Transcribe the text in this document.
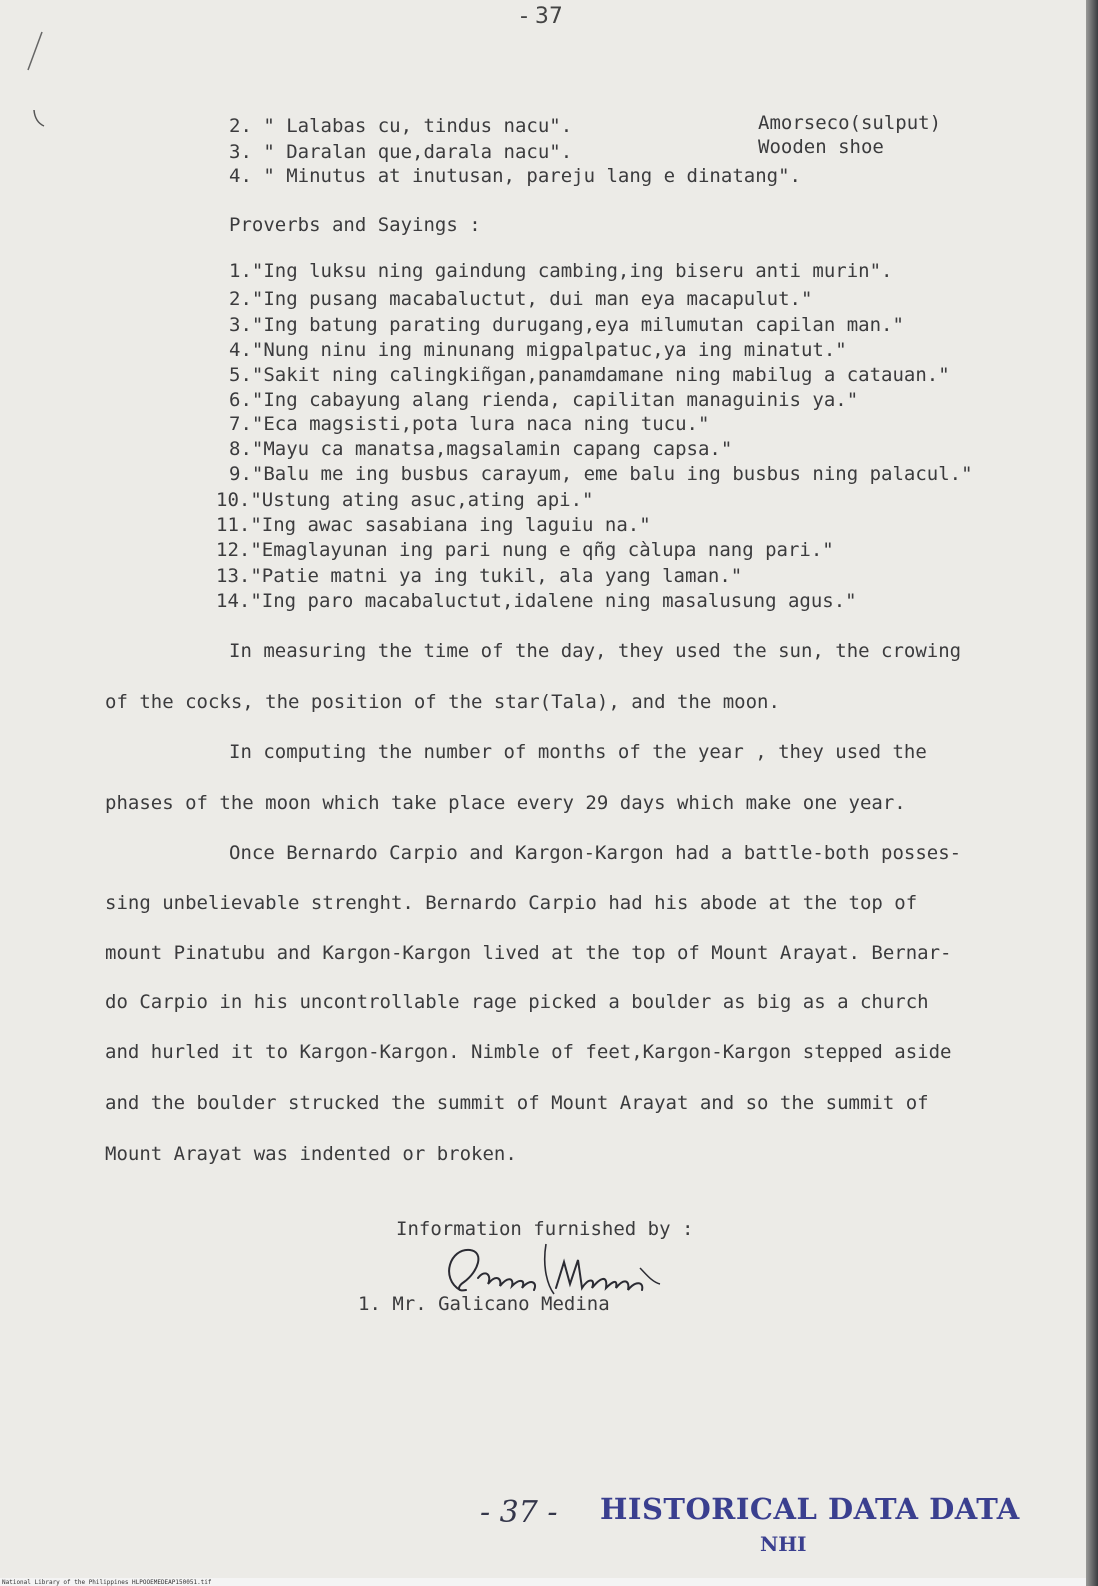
- 37
2. " Lalabas cu, tindus nacu".	Amorseco(sulput)
3. " Daralan que,darala nacu".	Wooden shoe
4. " Minutus at inutusan, pareju lang e dinatang".
Proverbs and Sayings :
1."Ing luksu ning gaindung cambing,ing biseru anti murin".
2."Ing pusang macabaluctut, dui man eya macapulut."
3."Ing batung parating durugang,eya milumutan capilan man."
4."Nung ninu ing minunang migpalpatuc,ya ing minatut."
5."Sakit ning calingkiñgan,panamdamane ning mabilug a catauan."
6."Ing cabayung alang rienda, capilitan managuinis ya."
7."Eca magsisti,pota lura naca ning tucu."
8."Mayu ca manatsa,magsalamin capang capsa."
9."Balu me ing busbus carayum, eme balu ing busbus ning palacul."
10."Ustung ating asuc,ating api."
11."Ing awac sasabiana ing laguiu na."
12."Emaglayunan ing pari nung e qñg càlupa nang pari."
13."Patie matni ya ing tukil, ala yang laman."
14."Ing paro macabaluctut,idalene ning masalusung agus."
In measuring the time of the day, they used the sun, the crowing
of the cocks, the position of the star(Tala), and the moon.
In computing the number of months of the year , they used the
phases of the moon which take place every 29 days which make one year.
Once Bernardo Carpio and Kargon-Kargon had a battle-both posses-
sing unbelievable strenght. Bernardo Carpio had his abode at the top of
mount Pinatubu and Kargon-Kargon lived at the top of Mount Arayat. Bernar-
do Carpio in his uncontrollable rage picked a boulder as big as a church
and hurled it to Kargon-Kargon. Nimble of feet,Kargon-Kargon stepped aside
and the boulder strucked the summit of Mount Arayat and so the summit of
Mount Arayat was indented or broken.
Information furnished by :
1. Mr. Galicano Medina
- 37 - HISTORICAL DATA DATA
NHI
National Library of the Philippines HLPOOEMEDEAP150051.tif
